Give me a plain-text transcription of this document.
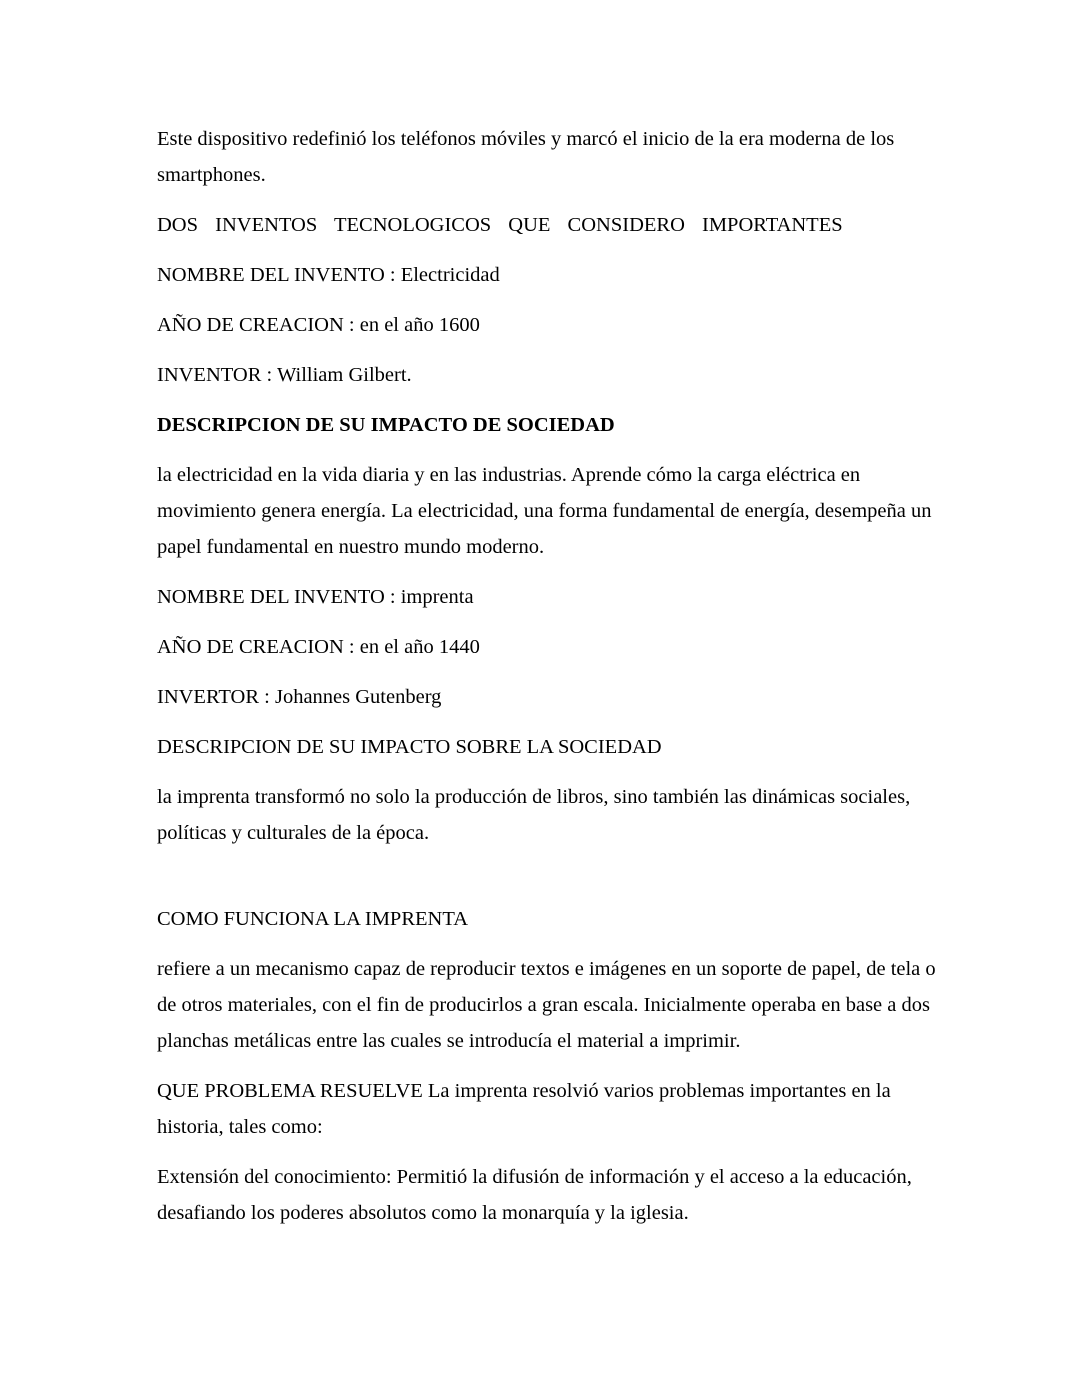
Este dispositivo redefinió los teléfonos móviles y marcó el inicio de la era moderna de los smartphones.

DOS INVENTOS TECNOLOGICOS QUE CONSIDERO IMPORTANTES

NOMBRE DEL INVENTO : Electricidad

AÑO DE CREACION : en el año 1600

INVENTOR : William Gilbert.

DESCRIPCION DE SU IMPACTO DE SOCIEDAD

la electricidad en la vida diaria y en las industrias. Aprende cómo la carga eléctrica en movimiento genera energía. La electricidad, una forma fundamental de energía, desempeña un papel fundamental en nuestro mundo moderno.

NOMBRE DEL INVENTO : imprenta

AÑO DE CREACION : en el año 1440

INVERTOR : Johannes Gutenberg

DESCRIPCION DE SU IMPACTO SOBRE LA SOCIEDAD

la imprenta transformó no solo la producción de libros, sino también las dinámicas sociales, políticas y culturales de la época.

COMO FUNCIONA LA IMPRENTA

refiere a un mecanismo capaz de reproducir textos e imágenes en un soporte de papel, de tela o de otros materiales, con el fin de producirlos a gran escala. Inicialmente operaba en base a dos planchas metálicas entre las cuales se introducía el material a imprimir.

QUE PROBLEMA RESUELVE La imprenta resolvió varios problemas importantes en la historia, tales como:

Extensión del conocimiento: Permitió la difusión de información y el acceso a la educación, desafiando los poderes absolutos como la monarquía y la iglesia.
